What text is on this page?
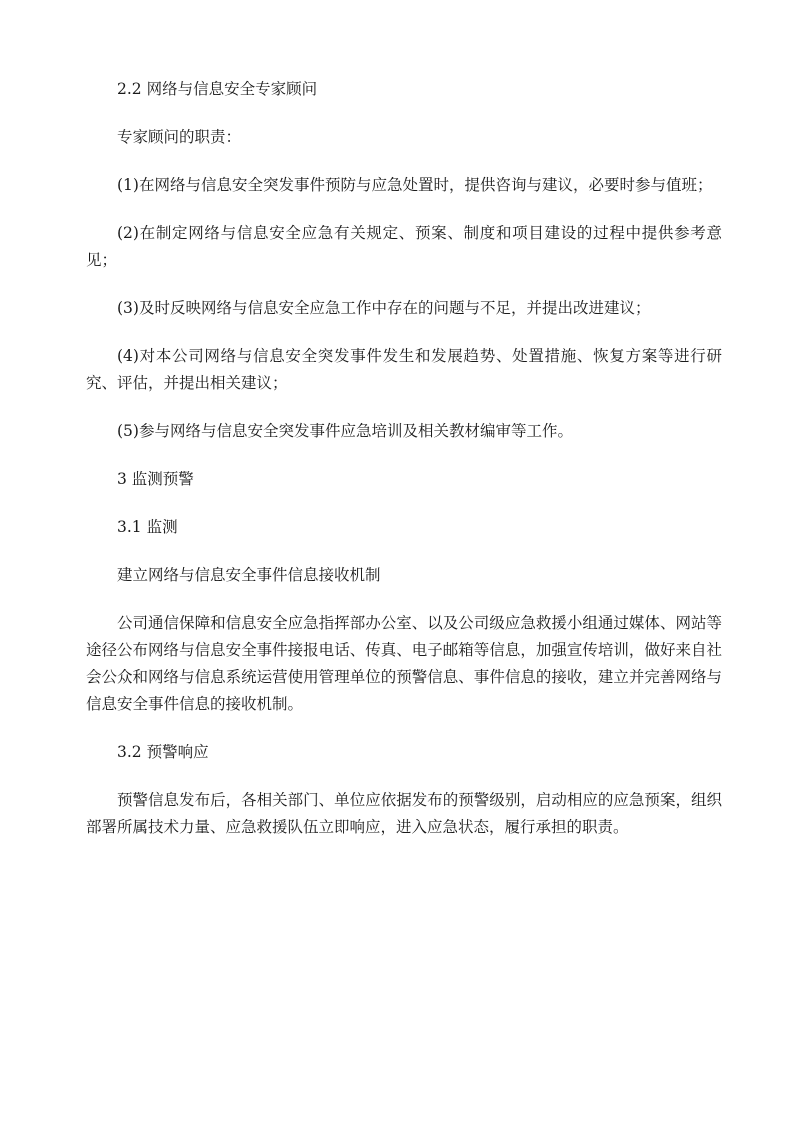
2.2 网络与信息安全专家顾问

专家顾问的职责：

(1)在网络与信息安全突发事件预防与应急处置时，提供咨询与建议，必要时参与值班；

(2)在制定网络与信息安全应急有关规定、预案、制度和项目建设的过程中提供参考意见；

(3)及时反映网络与信息安全应急工作中存在的问题与不足，并提出改进建议；

(4)对本公司网络与信息安全突发事件发生和发展趋势、处置措施、恢复方案等进行研究、评估，并提出相关建议；

(5)参与网络与信息安全突发事件应急培训及相关教材编审等工作。

3 监测预警

3.1 监测

建立网络与信息安全事件信息接收机制

公司通信保障和信息安全应急指挥部办公室、以及公司级应急救援小组通过媒体、网站等途径公布网络与信息安全事件接报电话、传真、电子邮箱等信息，加强宣传培训，做好来自社会公众和网络与信息系统运营使用管理单位的预警信息、事件信息的接收，建立并完善网络与信息安全事件信息的接收机制。

3.2 预警响应

预警信息发布后，各相关部门、单位应依据发布的预警级别，启动相应的应急预案，组织部署所属技术力量、应急救援队伍立即响应，进入应急状态，履行承担的职责。
